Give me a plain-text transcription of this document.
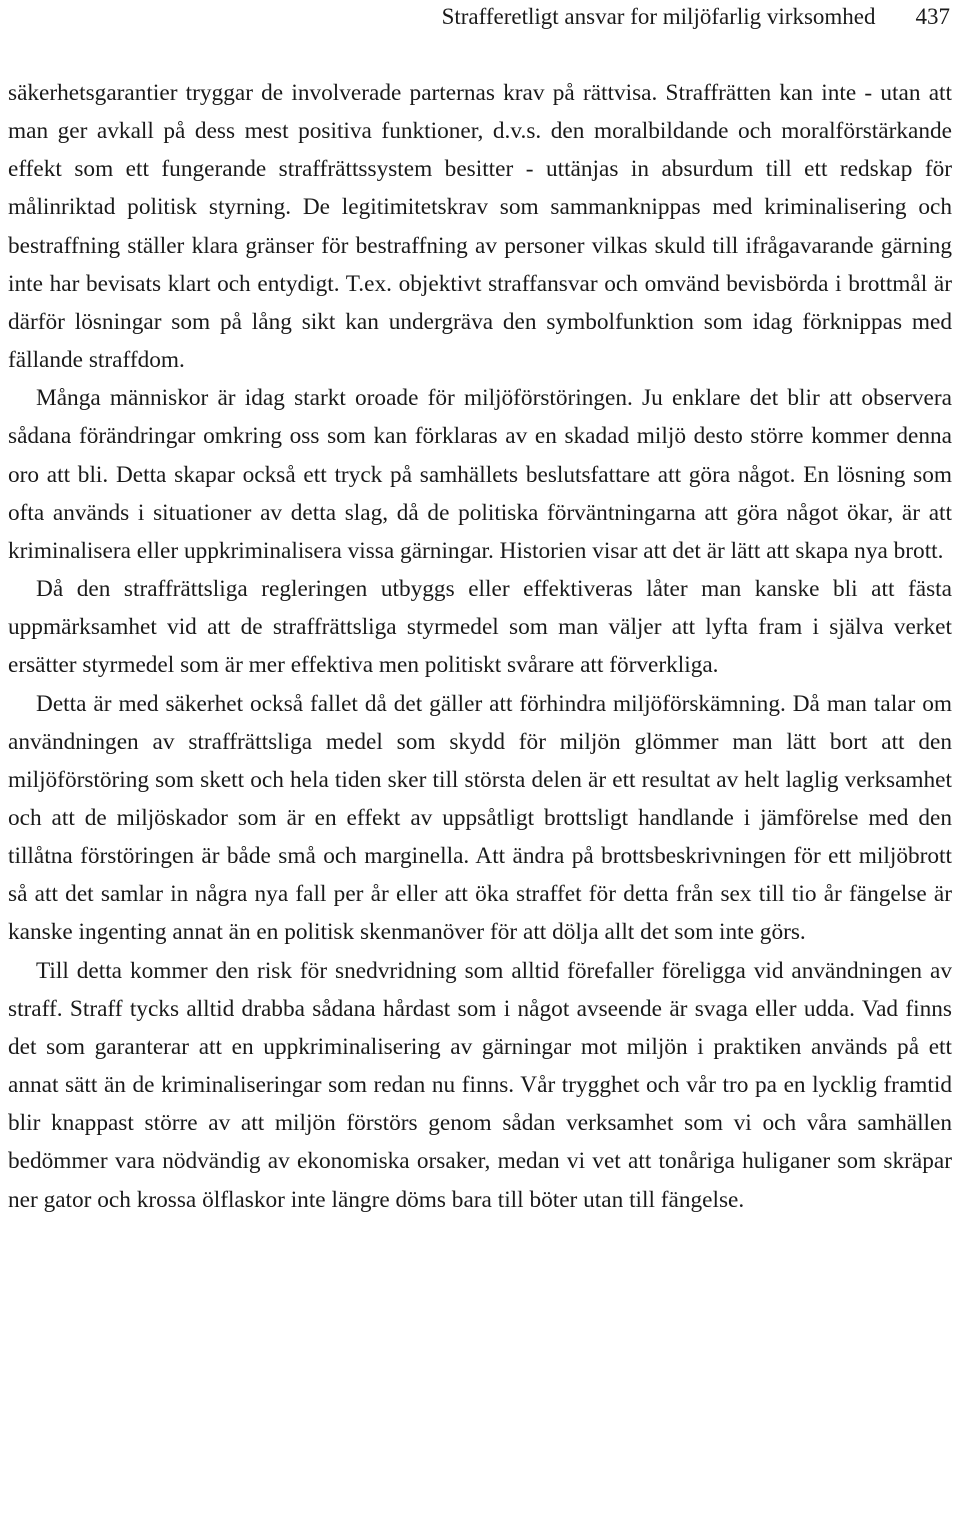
Strafferetligt ansvar for miljöfarlig virksomhed 437

säkerhetsgarantier tryggar de involverade parternas krav på rättvisa. Straffrätten kan inte - utan att man ger avkall på dess mest positiva funktioner, d.v.s. den moralbildande och moralförstärkande effekt som ett fungerande straffrättssystem besitter - uttänjas in absurdum till ett redskap för målinriktad politisk styrning. De legitimitetskrav som sammanknippas med kriminalisering och bestraffning ställer klara gränser för bestraffning av personer vilkas skuld till ifrågavarande gärning inte har bevisats klart och entydigt. T.ex. objektivt straffansvar och omvänd bevisbörda i brottmål är därför lösningar som på lång sikt kan undergräva den symbolfunktion som idag förknippas med fällande straffdom.

Många människor är idag starkt oroade för miljöförstöringen. Ju enklare det blir att observera sådana förändringar omkring oss som kan förklaras av en skadad miljö desto större kommer denna oro att bli. Detta skapar också ett tryck på samhällets beslutsfattare att göra något. En lösning som ofta används i situationer av detta slag, då de politiska förväntningarna att göra något ökar, är att kriminalisera eller uppkriminalisera vissa gärningar. Historien visar att det är lätt att skapa nya brott.

Då den straffrättsliga regleringen utbyggs eller effektiveras låter man kanske bli att fästa uppmärksamhet vid att de straffrättsliga styrmedel som man väljer att lyfta fram i själva verket ersätter styrmedel som är mer effektiva men politiskt svårare att förverkliga.

Detta är med säkerhet också fallet då det gäller att förhindra miljöförskämning. Då man talar om användningen av straffrättsliga medel som skydd för miljön glömmer man lätt bort att den miljöförstöring som skett och hela tiden sker till största delen är ett resultat av helt laglig verksamhet och att de miljöskador som är en effekt av uppsåtligt brottsligt handlande i jämförelse med den tillåtna förstöringen är både små och marginella. Att ändra på brottsbeskrivningen för ett miljöbrott så att det samlar in några nya fall per år eller att öka straffet för detta från sex till tio år fängelse är kanske ingenting annat än en politisk skenmanöver för att dölja allt det som inte görs.

Till detta kommer den risk för snedvridning som alltid förefaller föreligga vid användningen av straff. Straff tycks alltid drabba sådana hårdast som i något avseende är svaga eller udda. Vad finns det som garanterar att en uppkriminalisering av gärningar mot miljön i praktiken används på ett annat sätt än de kriminaliseringar som redan nu finns. Vår trygghet och vår tro pa en lycklig framtid blir knappast större av att miljön förstörs genom sådan verksamhet som vi och våra samhällen bedömmer vara nödvändig av ekonomiska orsaker, medan vi vet att tonåriga huliganer som skräpar ner gator och krossa ölflaskor inte längre döms bara till böter utan till fängelse.
